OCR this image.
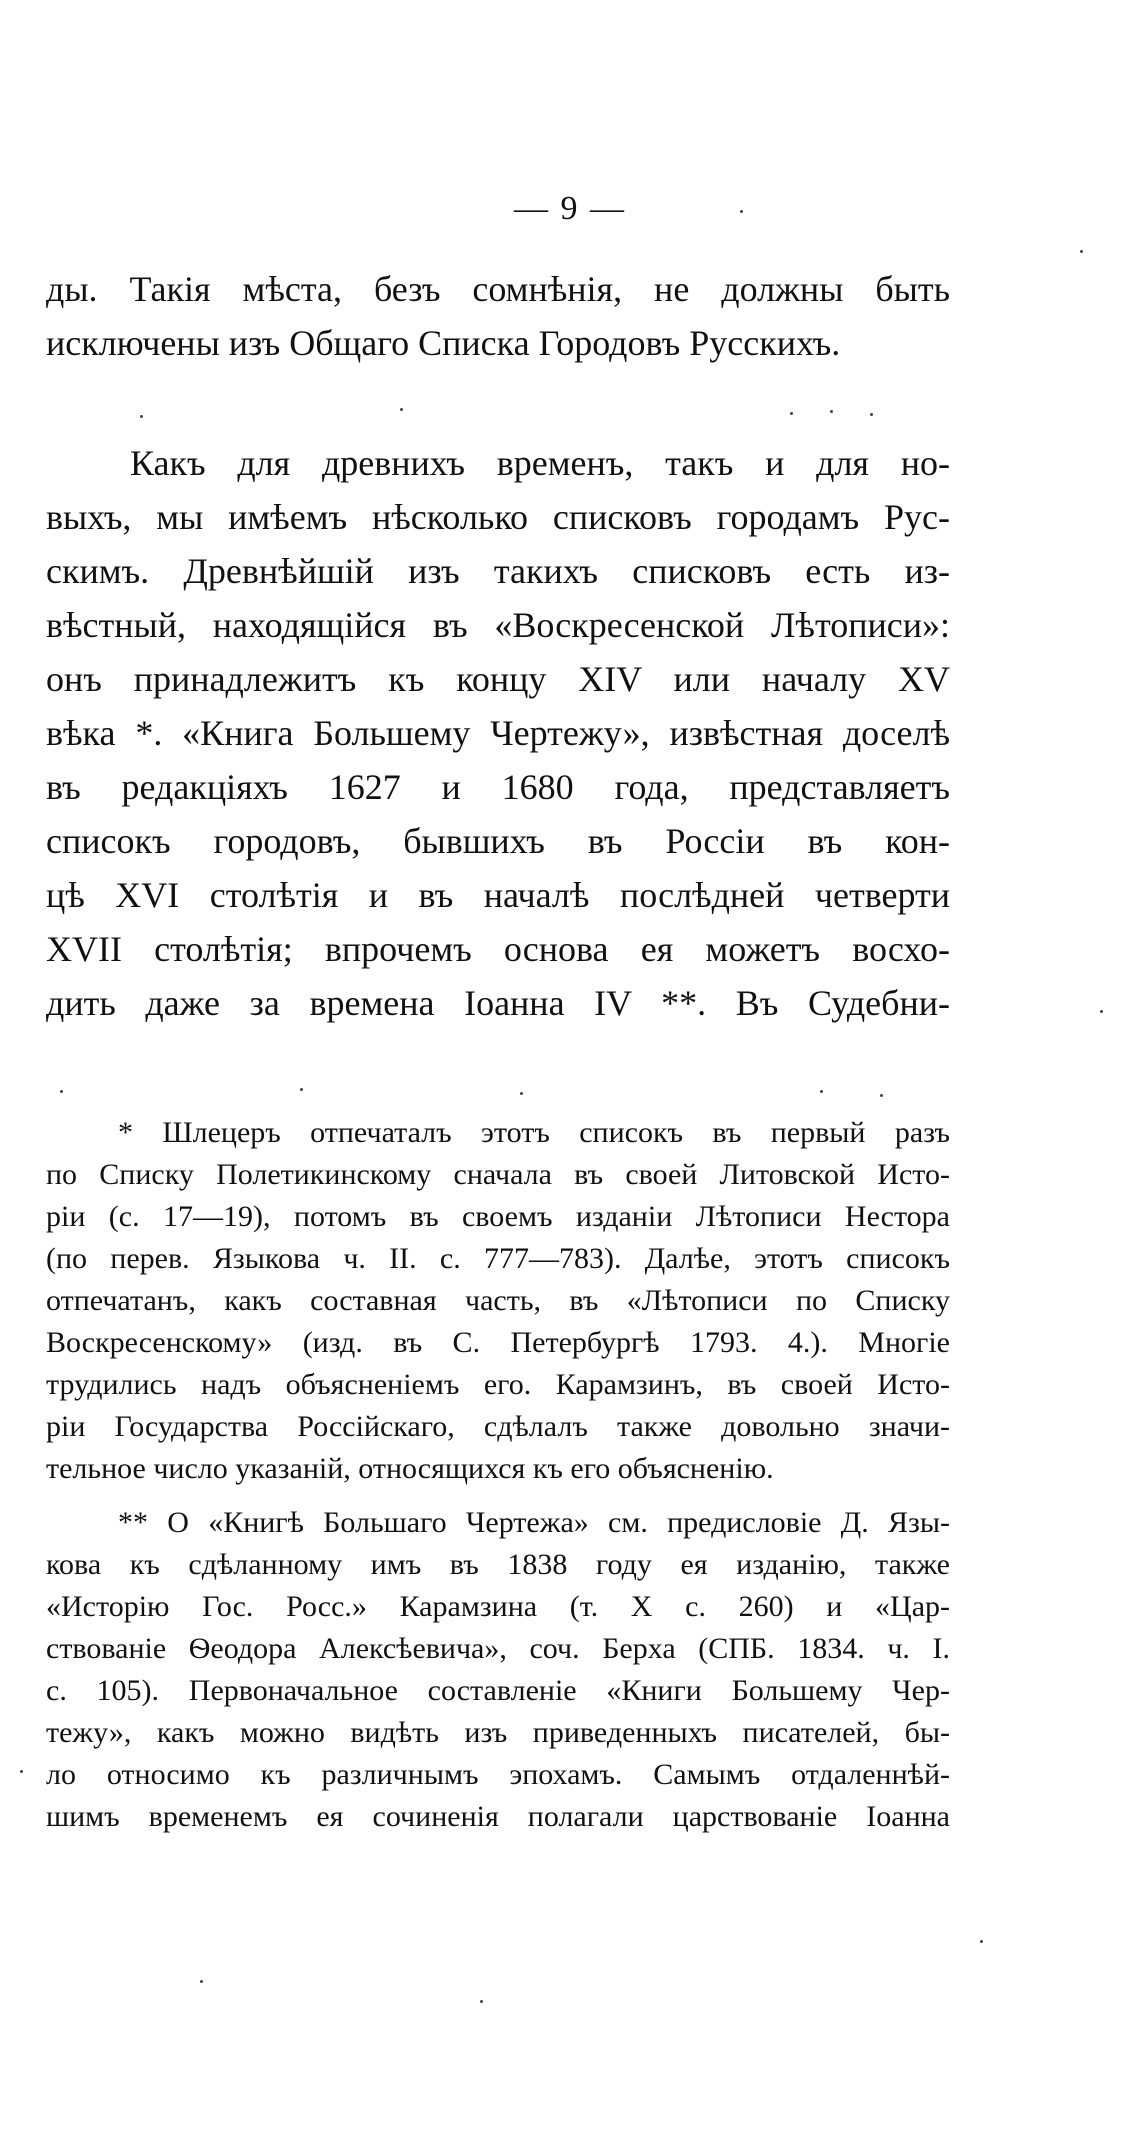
— 9 —
ды. Такія мѣста, безъ сомнѣнія, не должны быть
исключены изъ Общаго Списка Городовъ Русскихъ.
Какъ для древнихъ временъ, такъ и для но-
выхъ, мы имѣемъ нѣсколько списковъ городамъ Рус-
скимъ. Древнѣйшій изъ такихъ списковъ есть из-
вѣстный, находящійся въ «Воскресенской Лѣтописи»:
онъ принадлежитъ къ концу XIV или началу XV
вѣка *. «Книга Большему Чертежу», извѣстная доселѣ
въ редакціяхъ 1627 и 1680 года, представляетъ
списокъ городовъ, бывшихъ въ Россіи въ кон-
цѣ XVI столѣтія и въ началѣ послѣдней четверти
XVII столѣтія; впрочемъ основа ея можетъ восхо-
дить даже за времена Іоанна IV **. Въ Судебни-
* Шлецеръ отпечаталъ этотъ списокъ въ первый разъ
по Списку Полетикинскому сначала въ своей Литовской Исто-
ріи (с. 17—19), потомъ въ своемъ изданіи Лѣтописи Нестора
(по перев. Языкова ч. II. с. 777—783). Далѣе, этотъ списокъ
отпечатанъ, какъ составная часть, въ «Лѣтописи по Списку
Воскресенскому» (изд. въ С. Петербургѣ 1793. 4.). Многіе
трудились надъ объясненіемъ его. Карамзинъ, въ своей Исто-
ріи Государства Россійскаго, сдѣлалъ также довольно значи-
тельное число указаній, относящихся къ его объясненію.
** О «Книгѣ Большаго Чертежа» см. предисловіе Д. Язы-
кова къ сдѣланному имъ въ 1838 году ея изданію, также
«Исторію Гос. Росс.» Карамзина (т. X с. 260) и «Цар-
ствованіе Ѳеодора Алексѣевича», соч. Берха (СПБ. 1834. ч. I.
с. 105). Первоначальное составленіе «Книги Большему Чер-
тежу», какъ можно видѣть изъ приведенныхъ писателей, бы-
ло относимо къ различнымъ эпохамъ. Самымъ отдаленнѣй-
шимъ временемъ ея сочиненія полагали царствованіе Іоанна
